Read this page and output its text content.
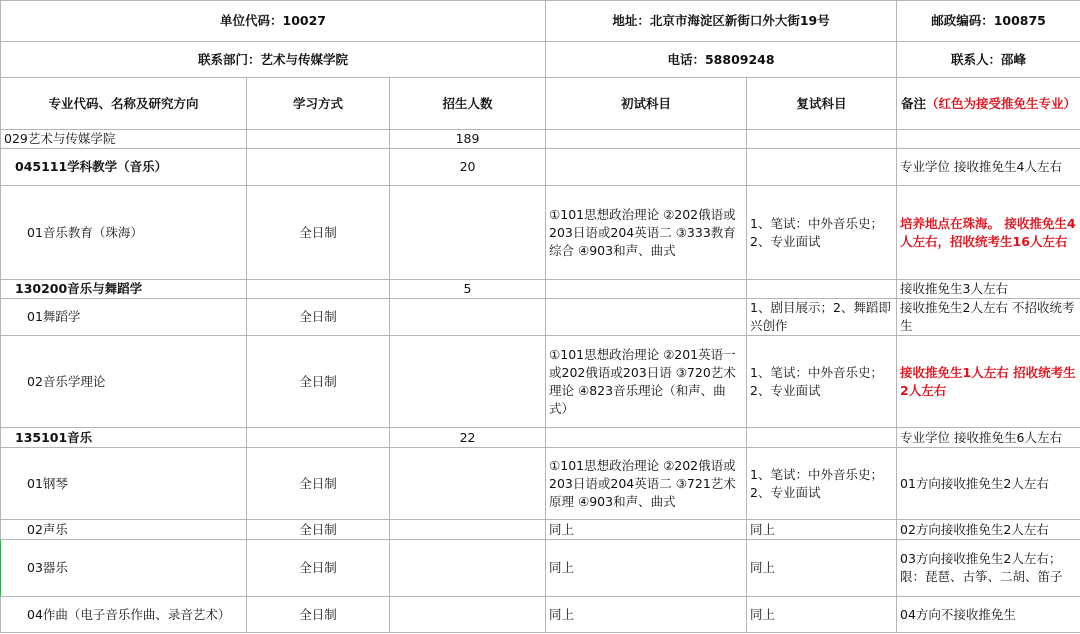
单位代码：10027			地址：北京市海淀区新街口外大街19号		邮政编码：100875
联系部门：艺术与传媒学院			电话：58809248		联系人：邵峰
专业代码、名称及研究方向	学习方式	招生人数	初试科目	复试科目	备注（红色为接受推免生专业）
029艺术与传媒学院		189			
045111学科教学（音乐）		20			专业学位 接收推免生4人左右
01音乐教育（珠海）	全日制		①101思想政治理论 ②202俄语或203日语或204英语二 ③333教育综合 ④903和声、曲式	1、笔试：中外音乐史；2、专业面试	培养地点在珠海。 接收推免生4人左右，招收统考生16人左右
130200音乐与舞蹈学		5			接收推免生3人左右
01舞蹈学	全日制			1、剧目展示；2、舞蹈即兴创作	接收推免生2人左右 不招收统考生
02音乐学理论	全日制		①101思想政治理论 ②201英语一或202俄语或203日语 ③720艺术理论 ④823音乐理论（和声、曲式）	1、笔试：中外音乐史；2、专业面试	接收推免生1人左右 招收统考生2人左右
135101音乐		22			专业学位 接收推免生6人左右
01钢琴	全日制		①101思想政治理论 ②202俄语或203日语或204英语二 ③721艺术原理 ④903和声、曲式	1、笔试：中外音乐史；2、专业面试	01方向接收推免生2人左右
02声乐	全日制		同上	同上	02方向接收推免生2人左右
03器乐	全日制		同上	同上	03方向接收推免生2人左右；限：琵琶、古筝、二胡、笛子
04作曲（电子音乐作曲、录音艺术）	全日制		同上	同上	04方向不接收推免生
